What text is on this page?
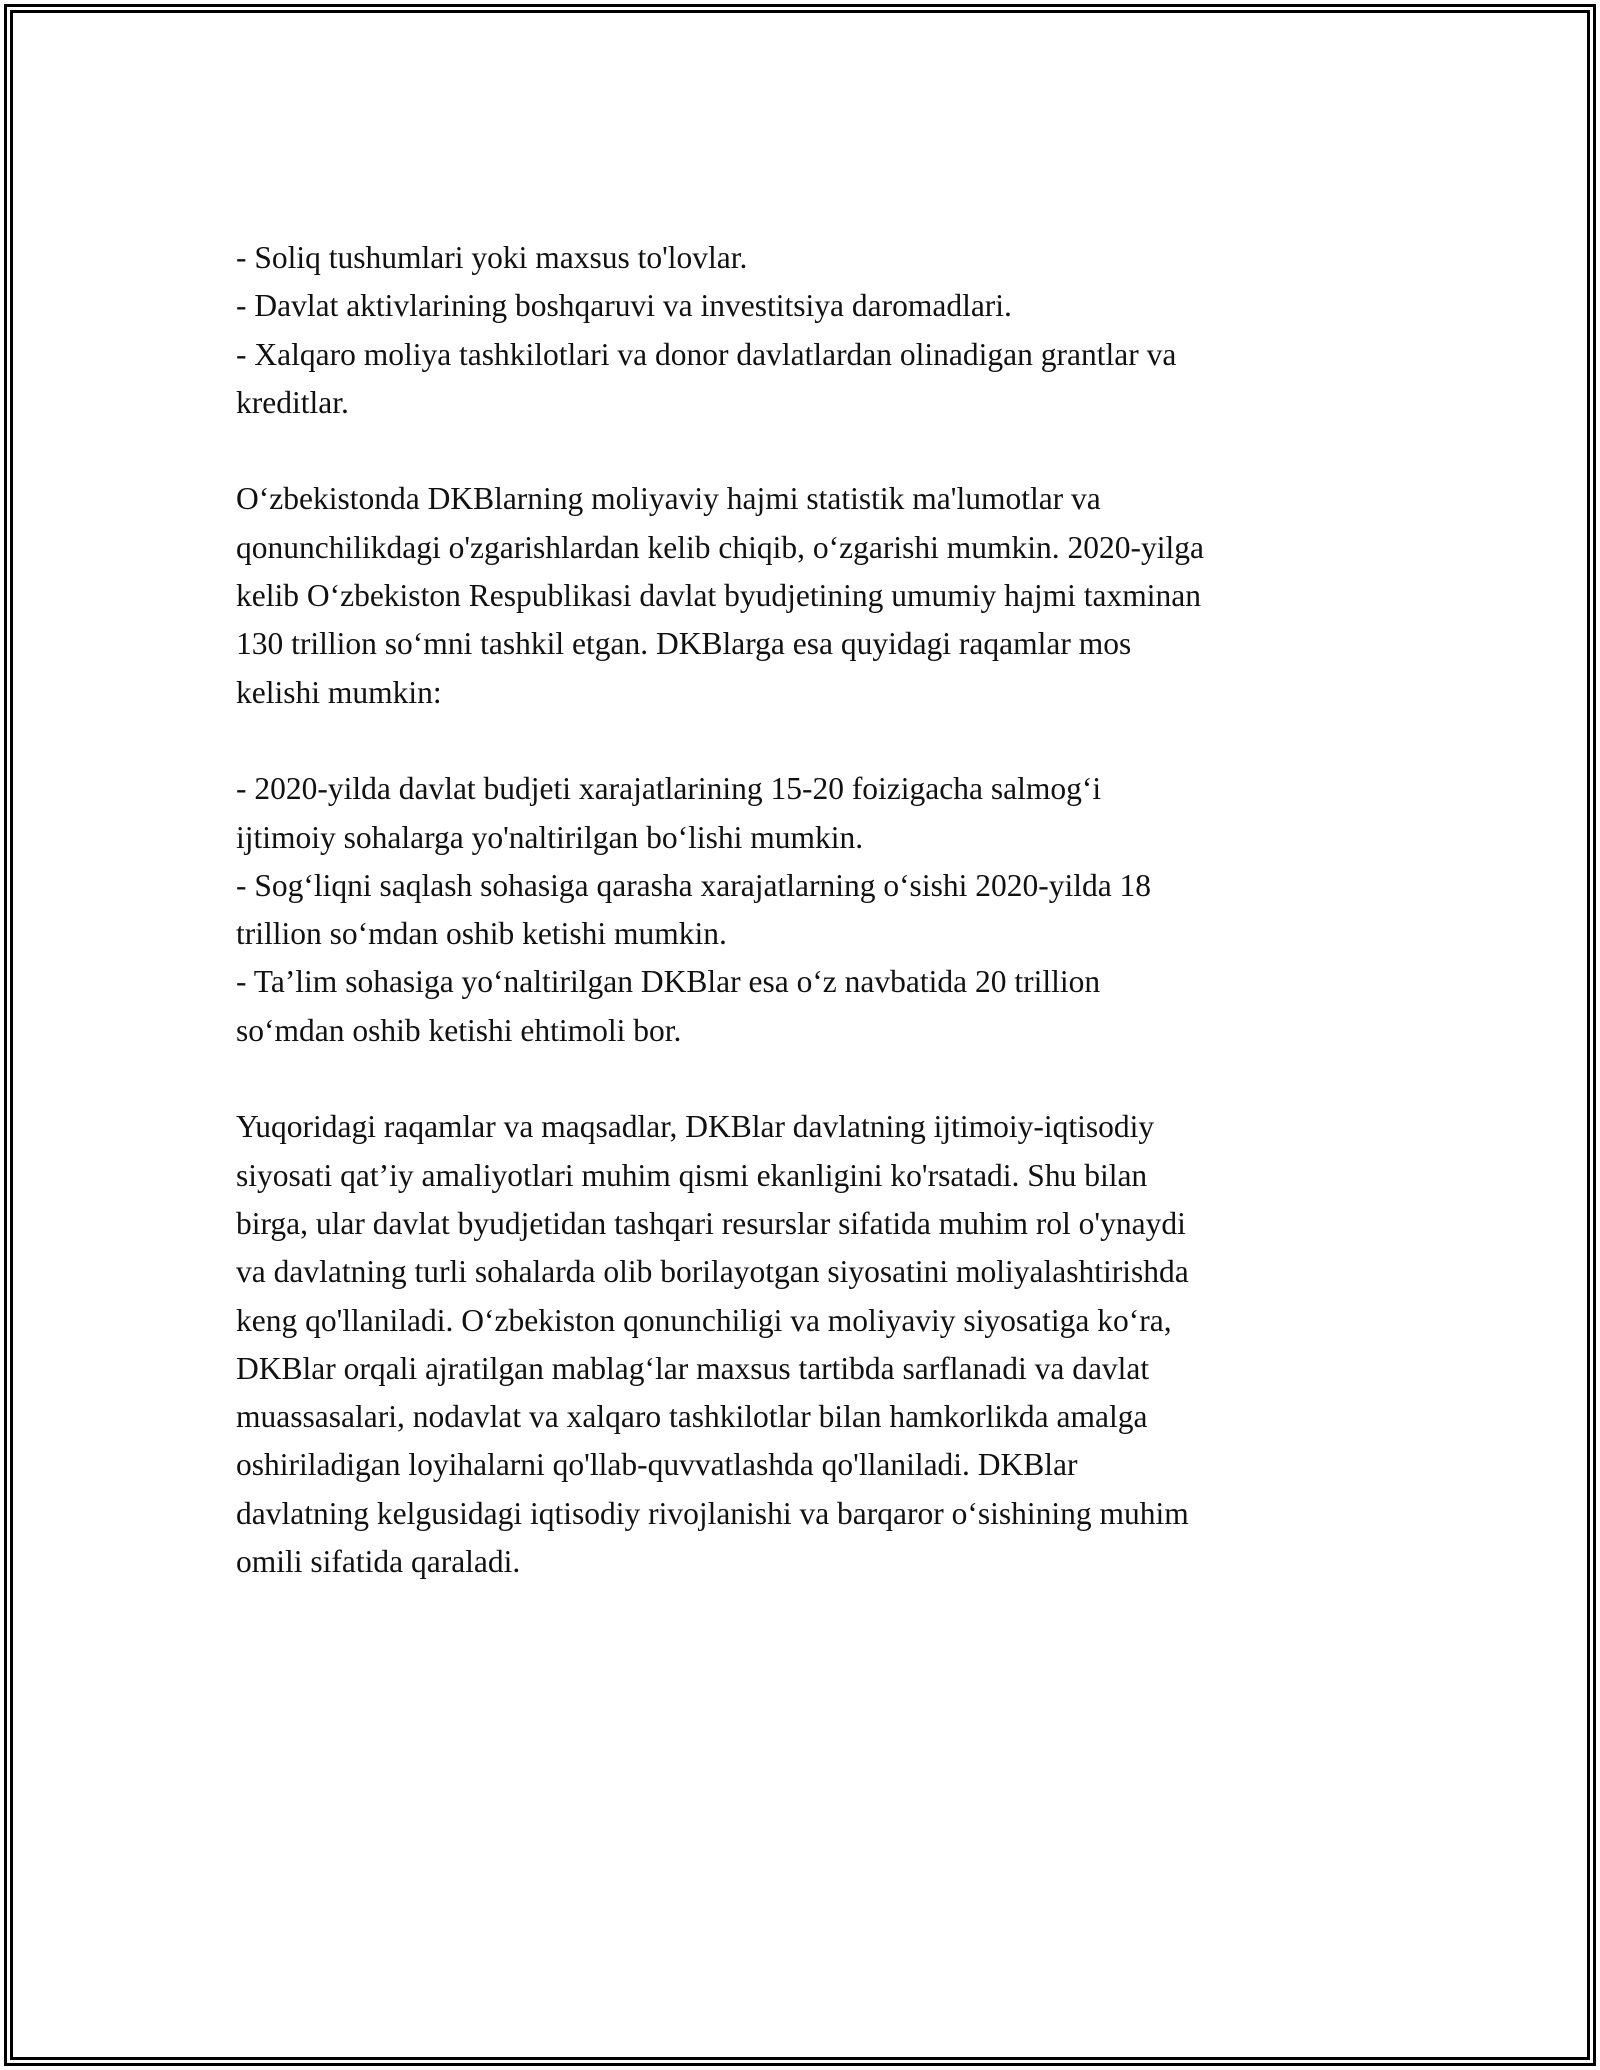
- Soliq tushumlari yoki maxsus to'lovlar.
- Davlat aktivlarining boshqaruvi va investitsiya daromadlari.
- Xalqaro moliya tashkilotlari va donor davlatlardan olinadigan grantlar va
kreditlar.
O‘zbekistonda DKBlarning moliyaviy hajmi statistik ma'lumotlar va
qonunchilikdagi o'zgarishlardan kelib chiqib, o‘zgarishi mumkin. 2020-yilga
kelib O‘zbekiston Respublikasi davlat byudjetining umumiy hajmi taxminan
130 trillion so‘mni tashkil etgan. DKBlarga esa quyidagi raqamlar mos
kelishi mumkin:
- 2020-yilda davlat budjeti xarajatlarining 15-20 foizigacha salmog‘i
ijtimoiy sohalarga yo'naltirilgan bo‘lishi mumkin.
- Sog‘liqni saqlash sohasiga qarasha xarajatlarning o‘sishi 2020-yilda 18
trillion so‘mdan oshib ketishi mumkin.
- Ta’lim sohasiga yo‘naltirilgan DKBlar esa o‘z navbatida 20 trillion
so‘mdan oshib ketishi ehtimoli bor.
Yuqoridagi raqamlar va maqsadlar, DKBlar davlatning ijtimoiy-iqtisodiy
siyosati qat’iy amaliyotlari muhim qismi ekanligini ko'rsatadi. Shu bilan
birga, ular davlat byudjetidan tashqari resurslar sifatida muhim rol o'ynaydi
va davlatning turli sohalarda olib borilayotgan siyosatini moliyalashtirishda
keng qo'llaniladi. O‘zbekiston qonunchiligi va moliyaviy siyosatiga ko‘ra,
DKBlar orqali ajratilgan mablag‘lar maxsus tartibda sarflanadi va davlat
muassasalari, nodavlat va xalqaro tashkilotlar bilan hamkorlikda amalga
oshiriladigan loyihalarni qo'llab-quvvatlashda qo'llaniladi. DKBlar
davlatning kelgusidagi iqtisodiy rivojlanishi va barqaror o‘sishining muhim
omili sifatida qaraladi.
